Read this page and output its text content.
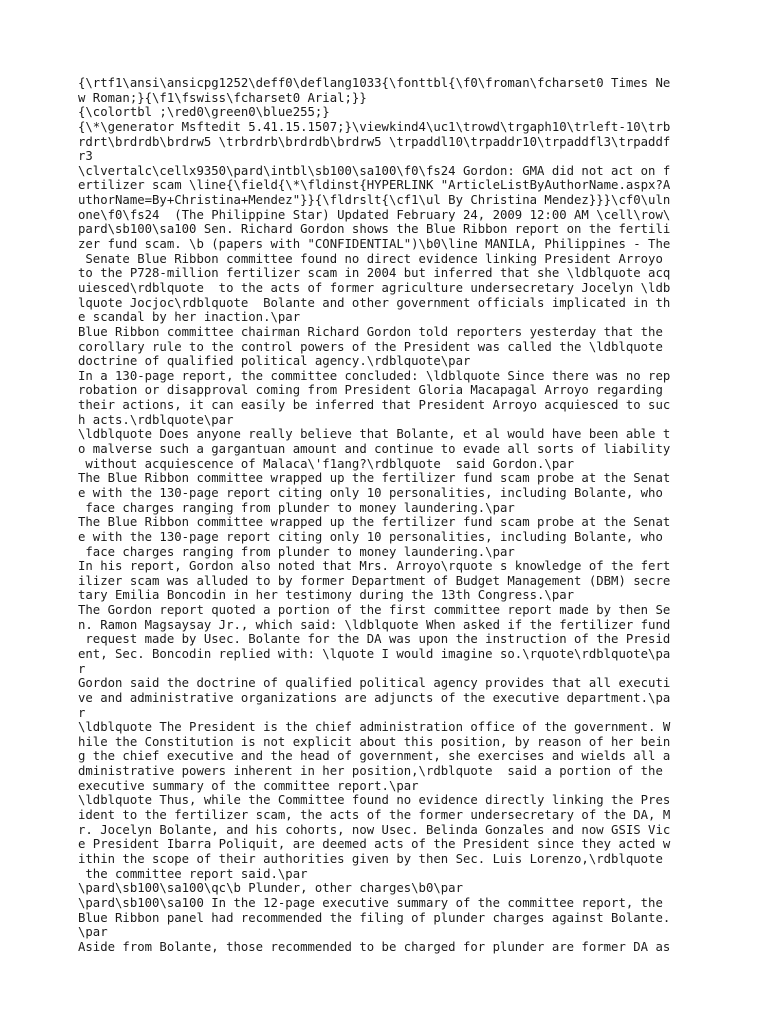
{\rtf1\ansi\ansicpg1252\deff0\deflang1033{\fonttbl{\f0\froman\fcharset0 Times Ne
w Roman;}{\f1\fswiss\fcharset0 Arial;}}
{\colortbl ;\red0\green0\blue255;}
{\*\generator Msftedit 5.41.15.1507;}\viewkind4\uc1\trowd\trgaph10\trleft-10\trb
rdrt\brdrdb\brdrw5 \trbrdrb\brdrdb\brdrw5 \trpaddl10\trpaddr10\trpaddfl3\trpaddf
r3
\clvertalc\cellx9350\pard\intbl\sb100\sa100\f0\fs24 Gordon: GMA did not act on f
ertilizer scam \line{\field{\*\fldinst{HYPERLINK "ArticleListByAuthorName.aspx?A
uthorName=By+Christina+Mendez"}}{\fldrslt{\cf1\ul By Christina Mendez}}}\cf0\uln
one\f0\fs24  (The Philippine Star) Updated February 24, 2009 12:00 AM \cell\row\
pard\sb100\sa100 Sen. Richard Gordon shows the Blue Ribbon report on the fertili
zer fund scam. \b (papers with "CONFIDENTIAL")\b0\line MANILA, Philippines - The
Senate Blue Ribbon committee found no direct evidence linking President Arroyo
to the P728-million fertilizer scam in 2004 but inferred that she \ldblquote acq
uiesced\rdblquote  to the acts of former agriculture undersecretary Jocelyn \ldb
lquote Jocjoc\rdblquote  Bolante and other government officials implicated in th
e scandal by her inaction.\par
Blue Ribbon committee chairman Richard Gordon told reporters yesterday that the
corollary rule to the control powers of the President was called the \ldblquote
doctrine of qualified political agency.\rdblquote\par
In a 130-page report, the committee concluded: \ldblquote Since there was no rep
robation or disapproval coming from President Gloria Macapagal Arroyo regarding
their actions, it can easily be inferred that President Arroyo acquiesced to suc
h acts.\rdblquote\par
\ldblquote Does anyone really believe that Bolante, et al would have been able t
o malverse such a gargantuan amount and continue to evade all sorts of liability
without acquiescence of Malaca\'f1ang?\rdblquote  said Gordon.\par
The Blue Ribbon committee wrapped up the fertilizer fund scam probe at the Senat
e with the 130-page report citing only 10 personalities, including Bolante, who
face charges ranging from plunder to money laundering.\par
The Blue Ribbon committee wrapped up the fertilizer fund scam probe at the Senat
e with the 130-page report citing only 10 personalities, including Bolante, who
face charges ranging from plunder to money laundering.\par
In his report, Gordon also noted that Mrs. Arroyo\rquote s knowledge of the fert
ilizer scam was alluded to by former Department of Budget Management (DBM) secre
tary Emilia Boncodin in her testimony during the 13th Congress.\par
The Gordon report quoted a portion of the first committee report made by then Se
n. Ramon Magsaysay Jr., which said: \ldblquote When asked if the fertilizer fund
request made by Usec. Bolante for the DA was upon the instruction of the Presid
ent, Sec. Boncodin replied with: \lquote I would imagine so.\rquote\rdblquote\pa
r
Gordon said the doctrine of qualified political agency provides that all executi
ve and administrative organizations are adjuncts of the executive department.\pa
r
\ldblquote The President is the chief administration office of the government. W
hile the Constitution is not explicit about this position, by reason of her bein
g the chief executive and the head of government, she exercises and wields all a
dministrative powers inherent in her position,\rdblquote  said a portion of the
executive summary of the committee report.\par
\ldblquote Thus, while the Committee found no evidence directly linking the Pres
ident to the fertilizer scam, the acts of the former undersecretary of the DA, M
r. Jocelyn Bolante, and his cohorts, now Usec. Belinda Gonzales and now GSIS Vic
e President Ibarra Poliquit, are deemed acts of the President since they acted w
ithin the scope of their authorities given by then Sec. Luis Lorenzo,\rdblquote
the committee report said.\par
\pard\sb100\sa100\qc\b Plunder, other charges\b0\par
\pard\sb100\sa100 In the 12-page executive summary of the committee report, the
Blue Ribbon panel had recommended the filing of plunder charges against Bolante.
\par
Aside from Bolante, those recommended to be charged for plunder are former DA as
